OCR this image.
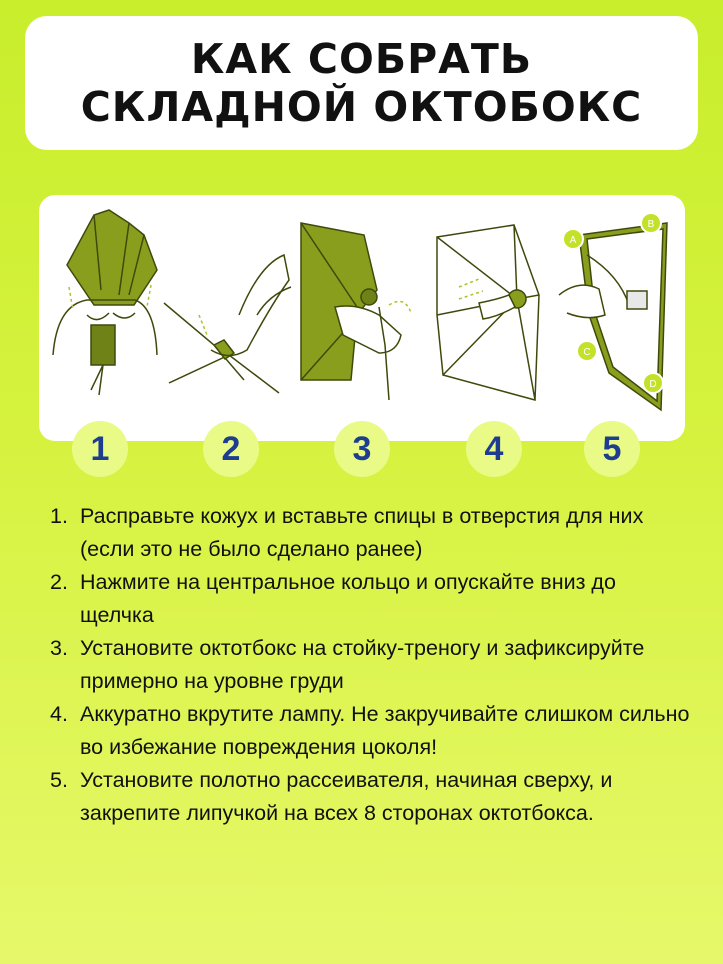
КАК СОБРАТЬ
СКЛАДНОЙ ОКТОБОКС
A
B
C
D
1	2	3	4	5
1. Расправьте кожух и вставьте спицы в отверстия для них (если это не было сделано ранее)
2. Нажмите на центральное кольцо и опускайте вниз до щелчка
3. Установите октотбокс на стойку-треногу и зафиксируйте примерно на уровне груди
4. Аккуратно вкрутите лампу. Не закручивайте слишком сильно во избежание повреждения цоколя!
5. Установите полотно рассеивателя, начиная сверху, и закрепите липучкой на всех 8 сторонах октотбокса.
